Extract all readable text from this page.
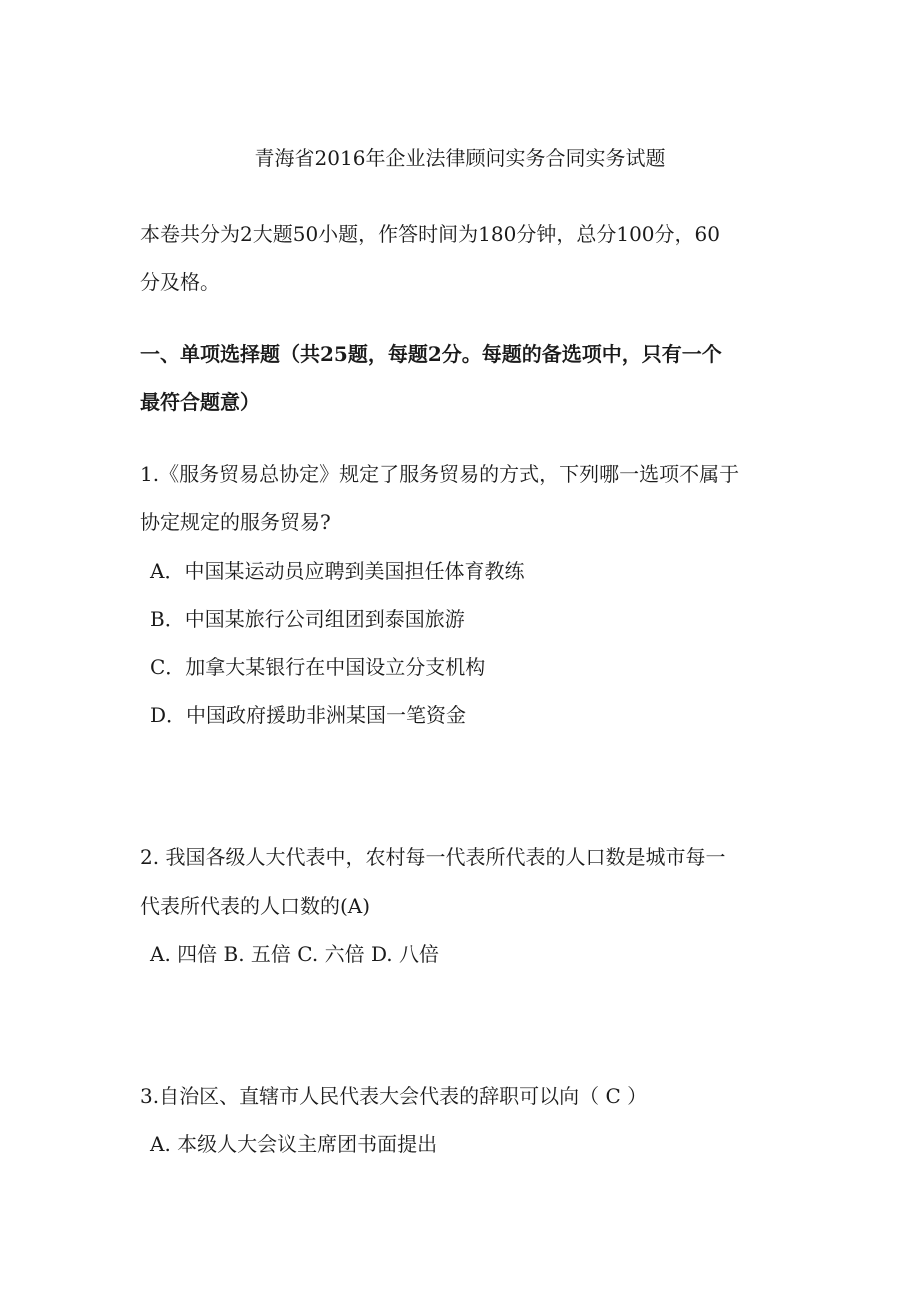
青海省2016年企业法律顾问实务合同实务试题
本卷共分为2大题50小题，作答时间为180分钟，总分100分，60
分及格。
一、单项选择题（共25题，每题2分。每题的备选项中，只有一个
最符合题意）
1.《服务贸易总协定》规定了服务贸易的方式，下列哪一选项不属于
协定规定的服务贸易?
A．中国某运动员应聘到美国担任体育教练
B．中国某旅行公司组团到泰国旅游
C．加拿大某银行在中国设立分支机构
D．中国政府援助非洲某国一笔资金
2. 我国各级人大代表中，农村每一代表所代表的人口数是城市每一
代表所代表的人口数的(A)
A. 四倍 B. 五倍 C. 六倍 D. 八倍
3.自治区、直辖市人民代表大会代表的辞职可以向（ C ）
A. 本级人大会议主席团书面提出
